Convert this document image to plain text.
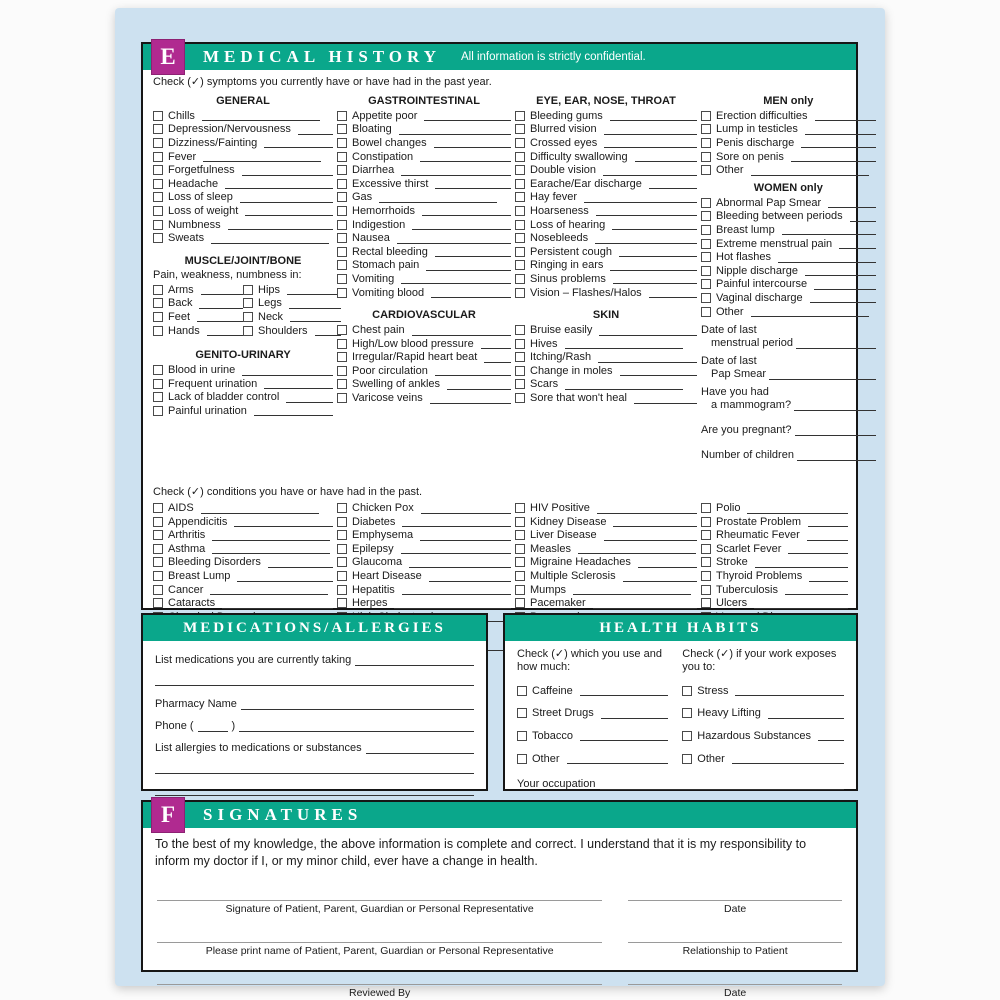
E	MEDICAL HISTORY All information is strictly confidential.
Check (✓) symptoms you currently have or have had in the past year.
GENERAL
Chills
Depression/Nervousness
Dizziness/Fainting
Fever
Forgetfulness
Headache
Loss of sleep
Loss of weight
Numbness
Sweats
MUSCLE/JOINT/BONE
Pain, weakness, numbness in:
Arms	Hips
Back	Legs
Feet	Neck
Hands	Shoulders
GENITO-URINARY
Blood in urine
Frequent urination
Lack of bladder control
Painful urination
GASTROINTESTINAL
Appetite poor
Bloating
Bowel changes
Constipation
Diarrhea
Excessive thirst
Gas
Hemorrhoids
Indigestion
Nausea
Rectal bleeding
Stomach pain
Vomiting
Vomiting blood
CARDIOVASCULAR
Chest pain
High/Low blood pressure
Irregular/Rapid heart beat
Poor circulation
Swelling of ankles
Varicose veins
EYE, EAR, NOSE, THROAT
Bleeding gums
Blurred vision
Crossed eyes
Difficulty swallowing
Double vision
Earache/Ear discharge
Hay fever
Hoarseness
Loss of hearing
Nosebleeds
Persistent cough
Ringing in ears
Sinus problems
Vision – Flashes/Halos
SKIN
Bruise easily
Hives
Itching/Rash
Change in moles
Scars
Sore that won't heal
MEN only
Erection difficulties
Lump in testicles
Penis discharge
Sore on penis
Other
WOMEN only
Abnormal Pap Smear
Bleeding between periods
Breast lump
Extreme menstrual pain
Hot flashes
Nipple discharge
Painful intercourse
Vaginal discharge
Other
Date of last
menstrual period
Date of last
Pap Smear
Have you had
a mammogram?
Are you pregnant?
Number of children
Check (✓) conditions you have or have had in the past.
AIDS
Appendicitis
Arthritis
Asthma
Bleeding Disorders
Breast Lump
Cancer
Cataracts
Chicken Pox
Diabetes
Emphysema
Epilepsy
Glaucoma
Heart Disease
Hepatitis
Herpes
HIV Positive
Kidney Disease
Liver Disease
Measles
Migraine Headaches
Multiple Sclerosis
Mumps
Pacemaker
Polio
Prostate Problem
Rheumatic Fever
Scarlet Fever
Stroke
Thyroid Problems
Tuberculosis
Ulcers
MEDICATIONS/ALLERGIES
List medications you are currently taking
Pharmacy Name
Phone (	)
List allergies to medications or substances
HEALTH HABITS
Check (✓) which you use and how much:
Caffeine
Street Drugs
Tobacco
Other
Check (✓) if your work exposes you to:
Stress
Heavy Lifting
Hazardous Substances
Other
Your occupation
F	SIGNATURES
To the best of my knowledge, the above information is complete and correct. I understand that it is my responsibility to inform my doctor if I, or my minor child, ever have a change in health.
Signature of Patient, Parent, Guardian or Personal Representative	Date
Please print name of Patient, Parent, Guardian or Personal Representative	Relationship to Patient
Reviewed By	Date
